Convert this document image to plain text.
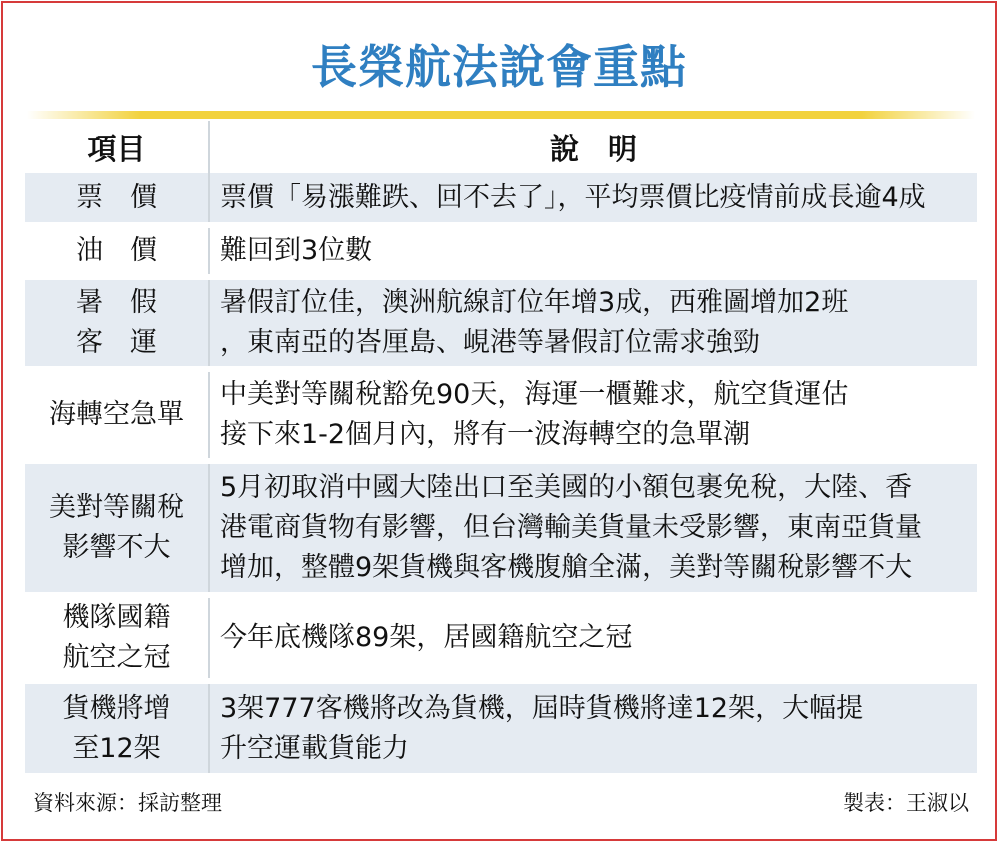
長榮航法說會重點
項目	說　明

票　價	票價「易漲難跌、回不去了」，平均票價比疫情前成長逾4成

油　價	難回到3位數

暑　假
客　運	暑假訂位佳，澳洲航線訂位年增3成，西雅圖增加2班
，東南亞的峇厘島、峴港等暑假訂位需求強勁

海轉空急單	中美對等關稅豁免90天，海運一櫃難求，航空貨運估
接下來1-2個月內，將有一波海轉空的急單潮

美對等關稅
影響不大	5月初取消中國大陸出口至美國的小額包裹免稅，大陸、香
港電商貨物有影響，但台灣輸美貨量未受影響，東南亞貨量
增加，整體9架貨機與客機腹艙全滿，美對等關稅影響不大

機隊國籍
航空之冠	今年底機隊89架，居國籍航空之冠

貨機將增
至12架	3架777客機將改為貨機，屆時貨機將達12架，大幅提
升空運載貨能力
資料來源：採訪整理	製表：王淑以
